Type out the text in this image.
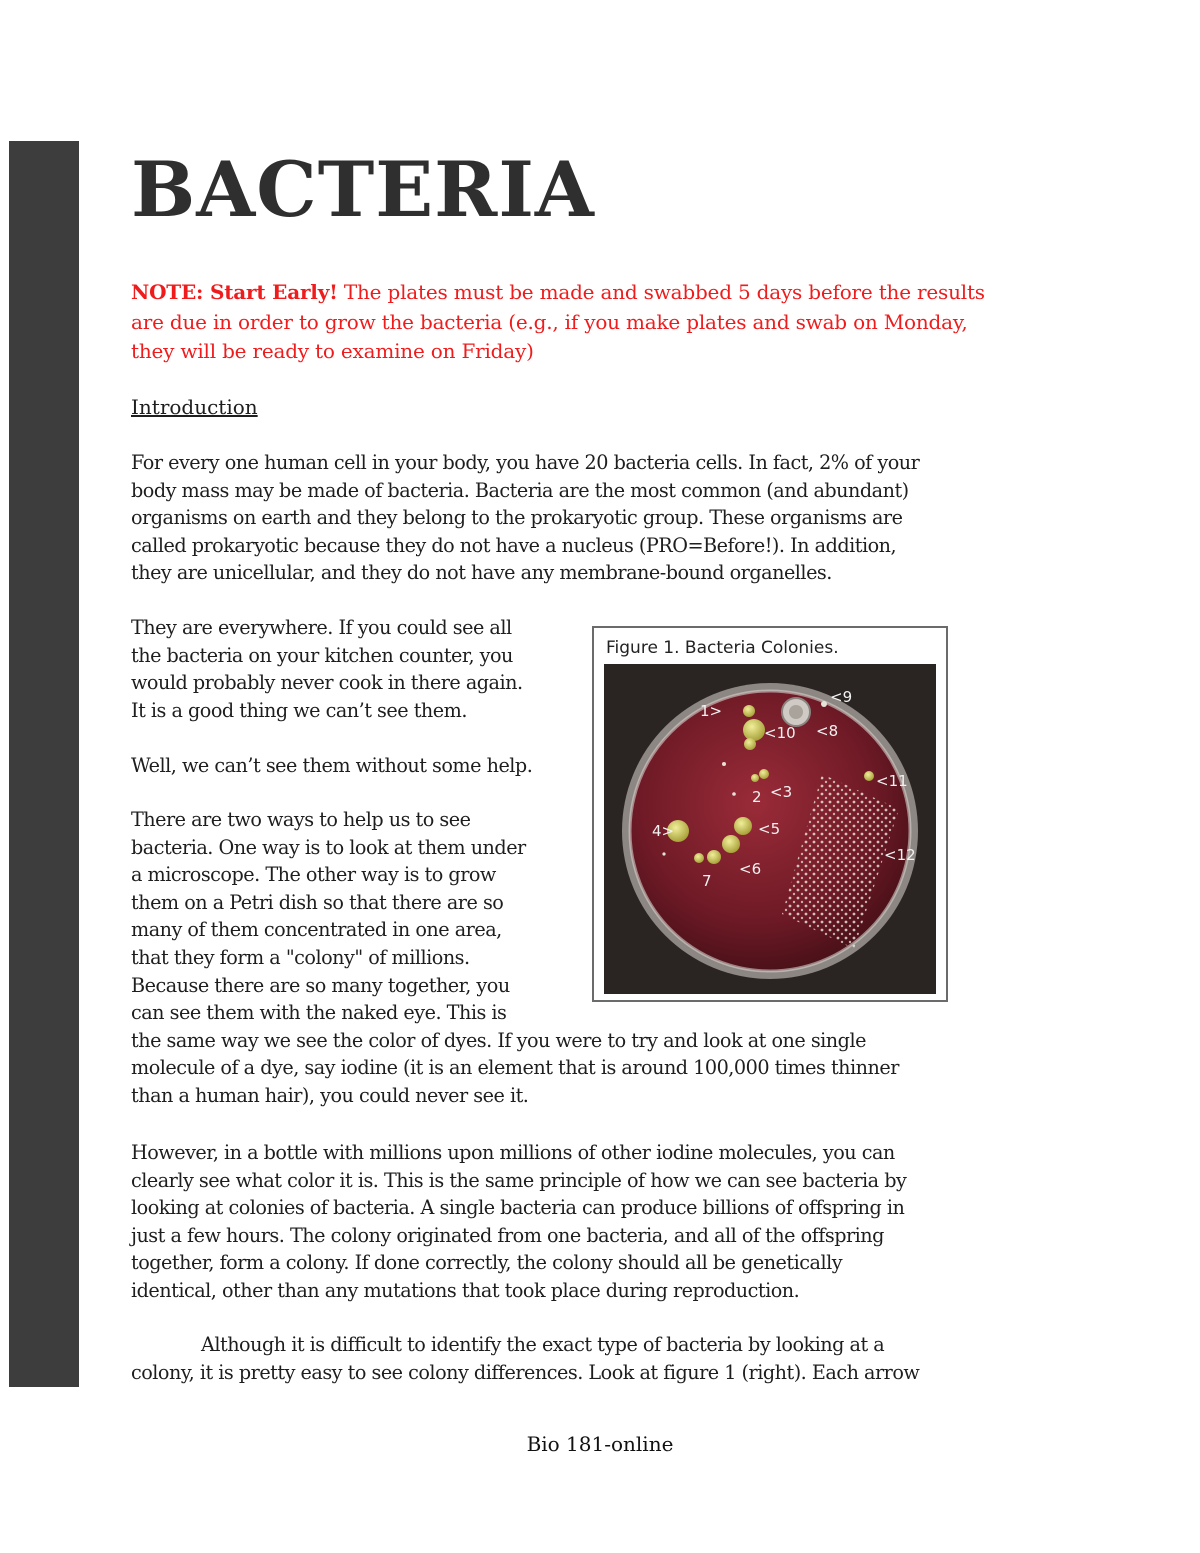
BACTERIA

NOTE: Start Early! The plates must be made and swabbed 5 days before the results are due in order to grow the bacteria (e.g., if you make plates and swab on Monday, they will be ready to examine on Friday)

Introduction

For every one human cell in your body, you have 20 bacteria cells. In fact, 2% of your
body mass may be made of bacteria. Bacteria are the most common (and abundant)
organisms on earth and they belong to the prokaryotic group. These organisms are
called prokaryotic because they do not have a nucleus (PRO=Before!). In addition,
they are unicellular, and they do not have any membrane-bound organelles.

They are everywhere. If you could see all
the bacteria on your kitchen counter, you
would probably never cook in there again.
It is a good thing we can’t see them.

Well, we can’t see them without some help.

There are two ways to help us to see
bacteria. One way is to look at them under
a microscope. The other way is to grow
them on a Petri dish so that there are so
many of them concentrated in one area,
that they form a "colony" of millions.
Because there are so many together, you
can see them with the naked eye. This is
the same way we see the color of dyes. If you were to try and look at one single
molecule of a dye, say iodine (it is an element that is around 100,000 times thinner
than a human hair), you could never see it.

However, in a bottle with millions upon millions of other iodine molecules, you can
clearly see what color it is. This is the same principle of how we can see bacteria by
looking at colonies of bacteria. A single bacteria can produce billions of offspring in
just a few hours. The colony originated from one bacteria, and all of the offspring
together, form a colony. If done correctly, the colony should all be genetically
identical, other than any mutations that took place during reproduction.

Although it is difficult to identify the exact type of bacteria by looking at a
colony, it is pretty easy to see colony differences. Look at figure 1 (right). Each arrow

Figure 1. Bacteria Colonies.

1>
2 <3
4>	<5
<6
7
<8
<9
<10
<11
<12

Bio 181-online
